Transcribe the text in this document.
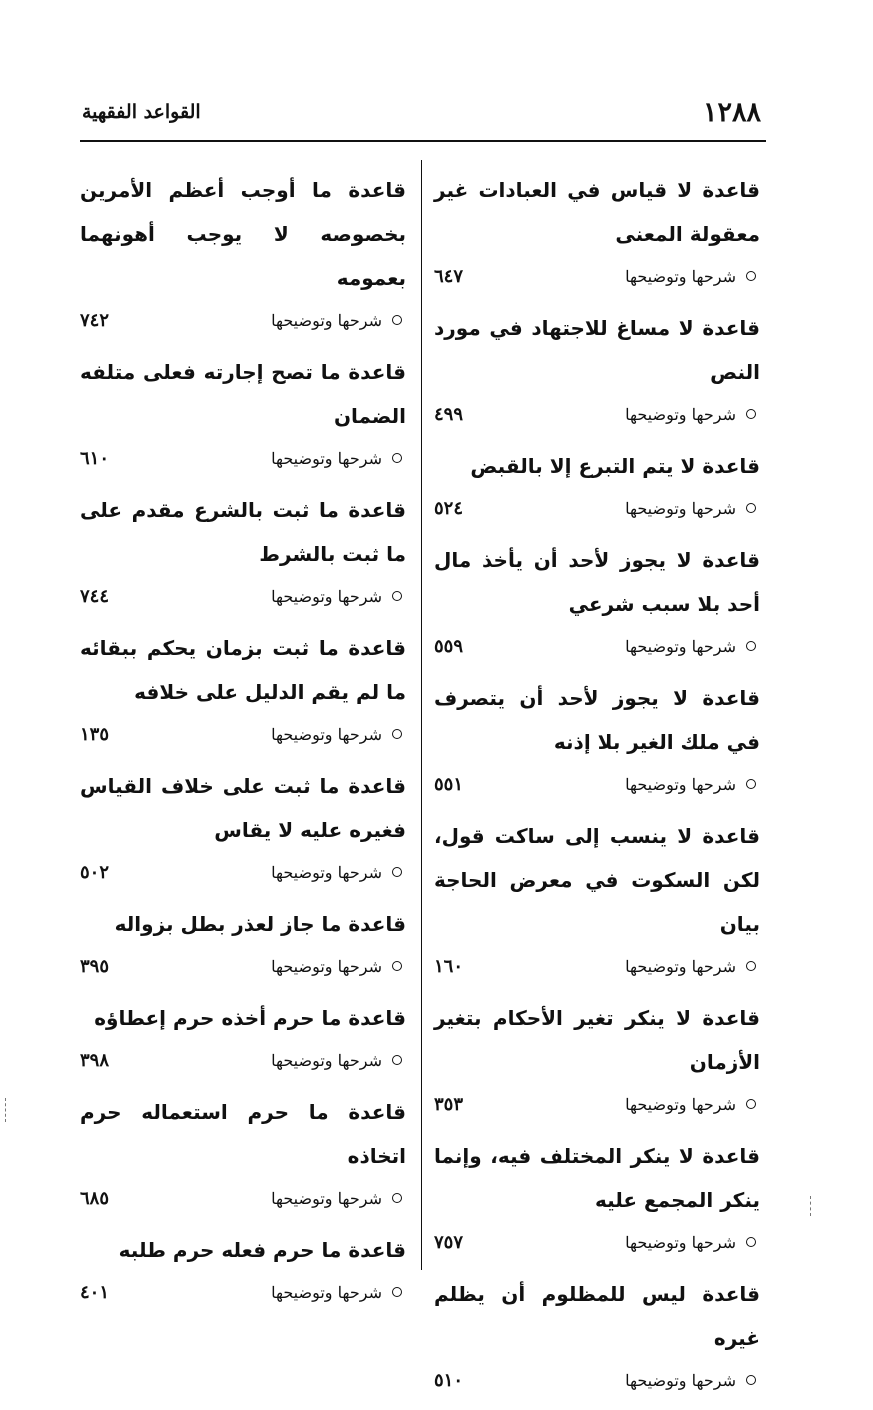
١٢٨٨
القواعد الفقهية

قاعدة لا قياس في العبادات غير معقولة المعنى

شرحها وتوضيحها
٦٤٧

قاعدة لا مساغ للاجتهاد في مورد النص

شرحها وتوضيحها
٤٩٩

قاعدة لا يتم التبرع إلا بالقبض

شرحها وتوضيحها
٥٢٤

قاعدة لا يجوز لأحد أن يأخذ مال أحد بلا سبب شرعي

شرحها وتوضيحها
٥٥٩

قاعدة لا يجوز لأحد أن يتصرف في ملك الغير بلا إذنه

شرحها وتوضيحها
٥٥١

قاعدة لا ينسب إلى ساكت قول، لكن السكوت في معرض الحاجة بيان

شرحها وتوضيحها
١٦٠

قاعدة لا ينكر تغير الأحكام بتغير الأزمان

شرحها وتوضيحها
٣٥٣

قاعدة لا ينكر المختلف فيه، وإنما ينكر المجمع عليه

شرحها وتوضيحها
٧٥٧

قاعدة ليس للمظلوم أن يظلم غيره

شرحها وتوضيحها
٥١٠

قاعدة ما أوجب أعظم الأمرين بخصوصه لا يوجب أهونهما بعمومه

شرحها وتوضيحها
٧٤٢

قاعدة ما تصح إجارته فعلى متلفه الضمان

شرحها وتوضيحها
٦١٠

قاعدة ما ثبت بالشرع مقدم على ما ثبت بالشرط

شرحها وتوضيحها
٧٤٤

قاعدة ما ثبت بزمان يحكم ببقائه ما لم يقم الدليل على خلافه

شرحها وتوضيحها
١٣٥

قاعدة ما ثبت على خلاف القياس فغيره عليه لا يقاس

شرحها وتوضيحها
٥٠٢

قاعدة ما جاز لعذر بطل بزواله

شرحها وتوضيحها
٣٩٥

قاعدة ما حرم أخذه حرم إعطاؤه

شرحها وتوضيحها
٣٩٨

قاعدة ما حرم استعماله حرم اتخاذه

شرحها وتوضيحها
٦٨٥

قاعدة ما حرم فعله حرم طلبه

شرحها وتوضيحها
٤٠١
